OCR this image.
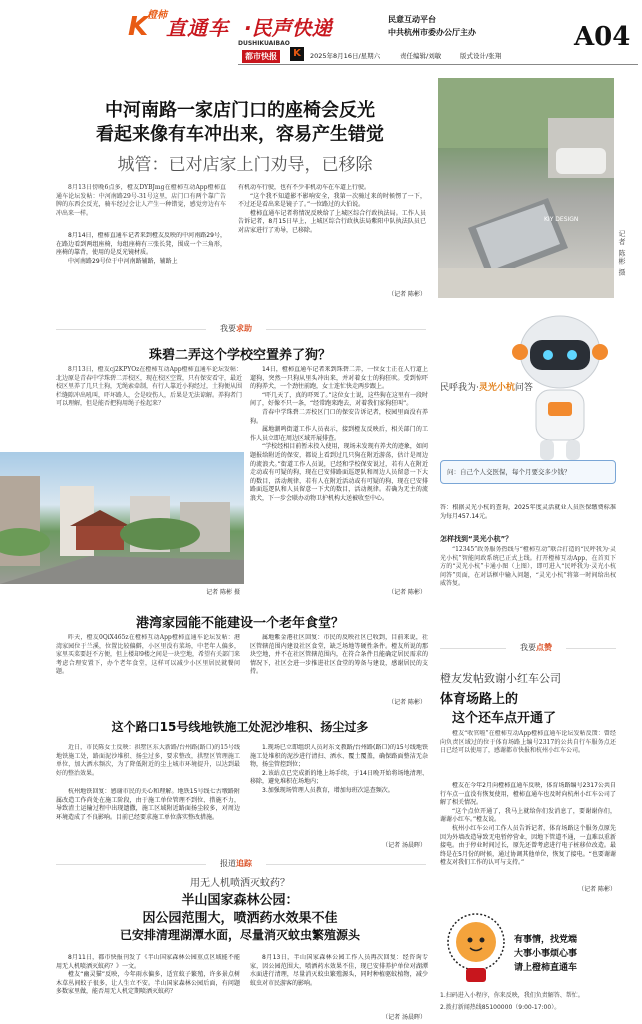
K
橙柿
直通车 ·民声快递	民意互动平台
中共杭州市委办公厅主办
DUSHIKUAIBAO
都市快报	K	2025年8月16日/星期六	责任编辑/刘敏	版式设计/张翔
A04
中河南路一家店门口的座椅会反光
看起来像有车冲出来，容易产生错觉
城管：已对店家上门劝导，已移除
KIY DESIGN
记者 陈彬 摄
8月13日傍晚6点多，橙友DYBJmg在橙柿互动App橙柿直通车论坛发帖：中河南路29号-31号这里，店门口有两个靠广告牌的东西会反光，骑车经过会让人产生一种错觉，感觉旁边有车冲出来一样。

8月14日，橙柿直通车记者来到橙友反映的中河南路29号，在路边看到两组座椅，每组座椅有三张长凳，围成一个三角形，座椅的靠背，使用的是反光镜材质。

中河南路29号位于中河南路辅路，辅路上

有机动车行驶，也有不少非机动车在车道上行驶。

“这个我不知道影不影响安全，我第一次骑过来的时候愣了一下，不过还是看出来是镜子了。”一位路过的大伯说。

橙柿直通车记者将情况反映给了上城区综合行政执法局。工作人员告诉记者，8月15日早上，上城区综合行政执法局紫阳中队执法队员已对店家进行了劝导，已移除。

（记者 陈彬）
我要 求助
珠碧二弄这个学校空置养了狗？
8月13日，橙友cj2KPYOz在橙柿互动App橙柿直通车论坛发帖：北边原是青春中学珠碧二弄校区，现在校区空置，只有保安看守，最近校区里养了几只土狗，无绳索牵制，有行人靠近小狗经过，土狗便从围栏缝隙冲出吼叫，吓坏路人，会是咬伤人，后果是无法谅解。养狗者门可以理解，但是能否把狗用绳子拴起来？

14日，橙柿直通车记者来到珠碧二弄，一位女士正在人行道上遛狗，突然一只狗从里头冲出来，并对着女士的狗狂吠。受到惊吓的狗养犬，一个劲往前跑，女士连忙快走两步跟上。

“吓几天了，真的吓死了。”这位女士说，这些狗在这里有一段时间了，好像不只一条，“经常跑来跑去，对着我们家狗狂叫”。

青春中学珠碧二弄校区门口的保安告诉记者，校园里面没有养狗。

属地潮鸣街道工作人员表示，接到橙友反映后，相关部门的工作人员立即在周边区域开展排查。

“学校经相目前暂未投入使用，现场未发现有养犬的迹象，如问题报给附近的保安，都说上看到过几只狗在附近游荡，估计是周边的流浪犬。”街道工作人员说，已经和学校保安说过，若有人在附近走动或有可疑的狗，现在已安排路面巡逻队和周边人员留意一下大的数目，活动规律，若有人在附近活动或有可疑的狗，现在已安排路面巡逻队和人员留意一下犬的数目，活动规律。若确为无主的流浪犬，下一步会联办动物卫护机构大送被收至中心。

记者 陈彬 摄	（记者 陈彬）
民呼我为·灵光小杭问答
问：自己个人交医保，每个月要交多少钱？
答：根据灵光小杭的查询，2025年度灵活就业人员医保缴费标准为每月457.14元。
怎样找到“灵光小杭”？
“12345”政务服务热线与“橙柿互动”联合打造的“民呼我为·灵光小杭”智能问政系统已正式上线。打开橙柿互动App，在首页下方的“灵光小杭”卡通小图（上图），即可进入“民呼我为·灵光小杭问答”页面，在对话框中输入问题，“灵光小杭”将第一时间给出权威答复。
港湾家园能不能建设一个老年食堂？
昨天，橙友0QiX465z在橙柿互动App橙柿直通车论坛发帖：港湾家园位于兰溪，位置比较偏僻，小区里没有菜场，中老年人偏多，家里买菜要赶不方便，但上楼却9楼之间是一块空地，希望有关部门来考虑合理安置下，办个老年食堂，这样可以减少小区里居民就餐问题。

属地紫金港社区回复：市民的反映社区已收到，目前来说，社区管辖范围内建设社区食堂，缺乏场地等硬性条件。橙友所说的那块空地，并不在社区管辖范围内，在符合条件且能确定居民需求的情况下，社区会进一步推进社区食堂的筹备与建设，感谢居民的支持。

（记者 陈彬）
我要 点赞
橙友发帖致谢小红车公司
体育场路上的
这个还车点开通了
橙友“收官啦”在橙柿互动App橙柿直通车论坛发帖反馈：曾经向负责区域过的位于体育场路上编号2317的公共自行车服务点还日已经可以使用了，感谢都市快报和杭州小红车公司。

橙友在今年2月向橙柿直通车反映，体育场路编号2317公共自行车点一直没有恢复使用，橙柿直通车也及时向杭州小红车公司了解了相关情况。

“这个点位开通了，我马上就给你们发消息了，要谢谢你们，谢谢小红车。”橙友说。

杭州小红车公司工作人员告诉记者，体育场路这个服务点原先因为外墙改造导致无电暂停营业，因地下管道不通，一直难以重新接电。由于停业时间过长，原先还曾考虑进行电子桩移位改造。最终是在5月份的时候，通过协调其他单位，恢复了接电。“也要谢谢橙友对我们工作的认可与支持。”

（记者 陈彬）
这个路口15号线地铁施工处泥沙堆积、扬尘过多
近日，市民陈女士反映：拱墅区东大新路/台州路(路口)的15号线地铁施工处，路面泥沙堆积、扬尘过多，要求整改，拱墅区管理施工单位，加大洒水频次，为了降低附近的尘上城市环境提升，以达到最好的整治效果。

杭州地铁回复：感谢市民的关心和理解。地铁15号线七古墩路附属改造工作尚处在施工阶段，由于施工单位管理不到位、措施不力，导致渣土运输过程中出现遗撒，施工区域附近路面扬尘较多，对周边环境造成了不良影响。目前已经要求施工单位落实整改措施。

1.现场已立即组织人员对东文教路/台州路(路口)的15号线地铁施工处堆积的泥沙进行清扫、洒水、覆土覆盖，确保路面整洁无杂物，扬尘管控到位；

2.该站点已完成新的地上场手续，于14日晚开始将场地清理、移除，避免堆积在场地内；

3.加强现场管理人员教育，增加每班次巡查频次。

（记者 汤晨晖）
报道 追踪
用无人机喷洒灭蚊药？
半山国家森林公园：
因公园范围大，喷洒药水效果不佳
已安排清理湖潭水面，尽量消灭蚊虫繁殖源头

8月11日，都市快报刊发了《半山国家森林公园重点区域能不能用无人机喷洒灭蚊药？》一文。

橙友“幽灵猫”反映，今年雨水偏多，适宜蚊子繁殖，许多景点树木草丛间蚊子很多，让人生立不安。半山国家森林公园后面，有问题多数家里做，能否用无人机定期喷洒灭蚊药？

8月13日，半山国家森林公园工作人员再次回复：经咨询专家，因公园范围大，喷洒药水效果不佳，现已安排养护单位对湖潭水面进行清理，尽量消灭蚊虫繁殖源头，同时种植驱蚊植物，减少蚊虫对市民游客的影响。

（记者 汤晨晖）
有事情，找党端
大事小事烦心事
请上橙柿直通车
1.扫码进入小程序，你来反映，我们负责解答、帮忙。
2.拨打新闻热线85100000（9:00-17:00）。
